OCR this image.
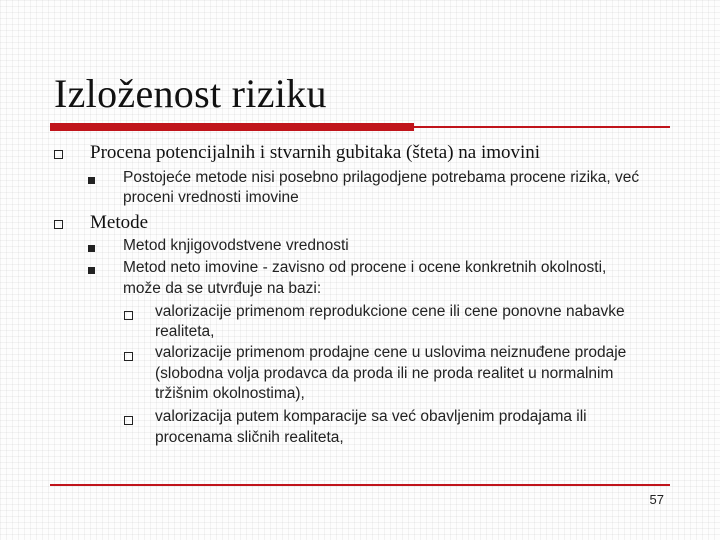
Izloženost riziku
Procena potencijalnih i stvarnih gubitaka (šteta) na imovini
Postojeće metode nisi posebno prilagodjene potrebama procene rizika, već
proceni vrednosti imovine
Metode
Metod knjigovodstvene vrednosti
Metod neto imovine - zavisno od procene i ocene konkretnih okolnosti,
može da se utvrđuje na bazi:
valorizacije primenom reprodukcione cene ili cene ponovne nabavke
realiteta,
valorizacije primenom prodajne cene u uslovima neiznuđene prodaje
(slobodna volja prodavca da proda ili ne proda realitet u normalnim
tržišnim okolnostima),
valorizacija putem komparacije sa već obavljenim prodajama ili
procenama sličnih realiteta,
57
